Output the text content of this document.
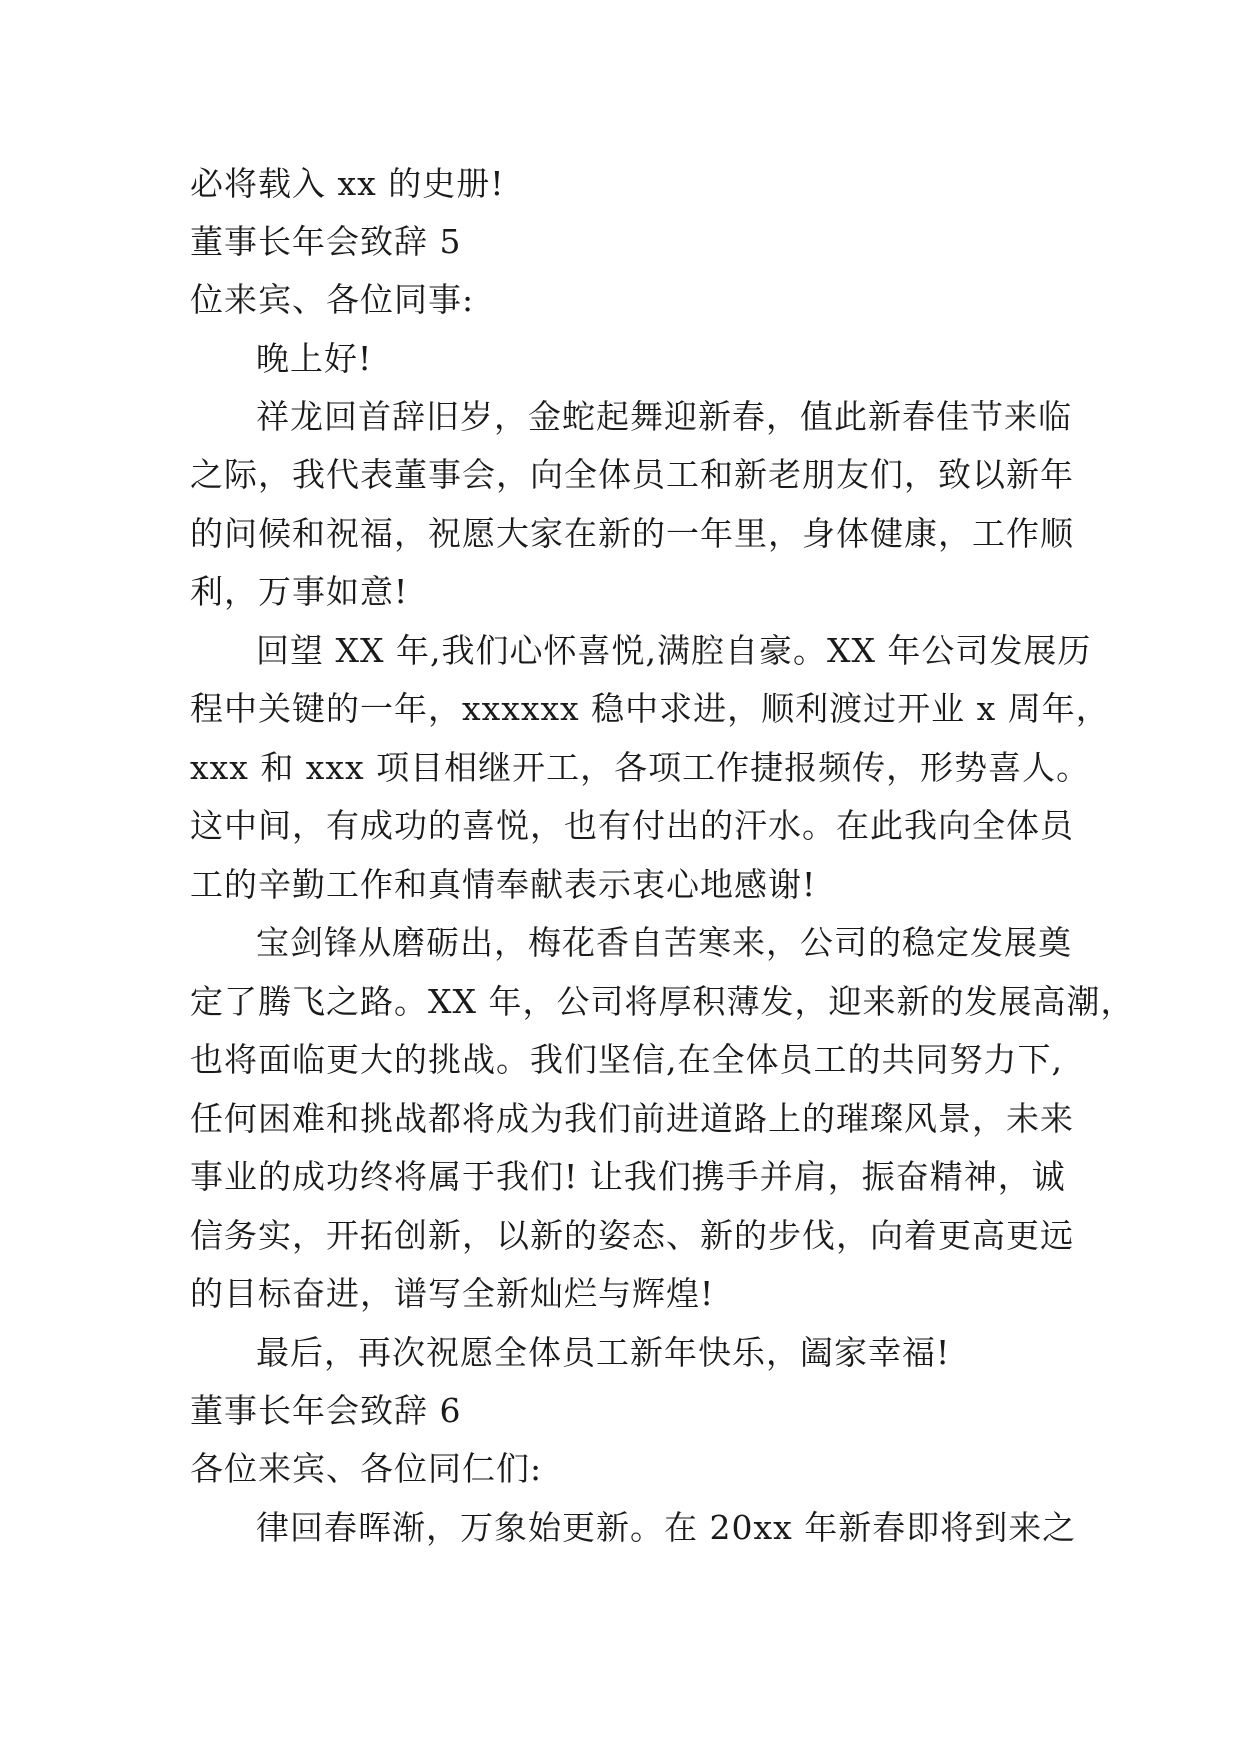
必将载入 xx 的史册!
董事长年会致辞 5
位来宾、各位同事:
晚上好!
祥龙回首辞旧岁，金蛇起舞迎新春，值此新春佳节来临
之际，我代表董事会，向全体员工和新老朋友们，致以新年
的问候和祝福，祝愿大家在新的一年里，身体健康，工作顺
利，万事如意!
回望 XX 年,我们心怀喜悦,满腔自豪。XX 年公司发展历
程中关键的一年，xxxxxx 稳中求进，顺利渡过开业 x 周年，
xxx 和 xxx 项目相继开工，各项工作捷报频传，形势喜人。
这中间，有成功的喜悦，也有付出的汗水。在此我向全体员
工的辛勤工作和真情奉献表示衷心地感谢!
宝剑锋从磨砺出，梅花香自苦寒来，公司的稳定发展奠
定了腾飞之路。XX 年，公司将厚积薄发，迎来新的发展高潮，
也将面临更大的挑战。我们坚信,在全体员工的共同努力下,
任何困难和挑战都将成为我们前进道路上的璀璨风景，未来
事业的成功终将属于我们! 让我们携手并肩，振奋精神，诚
信务实，开拓创新，以新的姿态、新的步伐，向着更高更远
的目标奋进，谱写全新灿烂与辉煌!
最后，再次祝愿全体员工新年快乐，阖家幸福!
董事长年会致辞 6
各位来宾、各位同仁们:
律回春晖渐，万象始更新。在 20xx 年新春即将到来之
